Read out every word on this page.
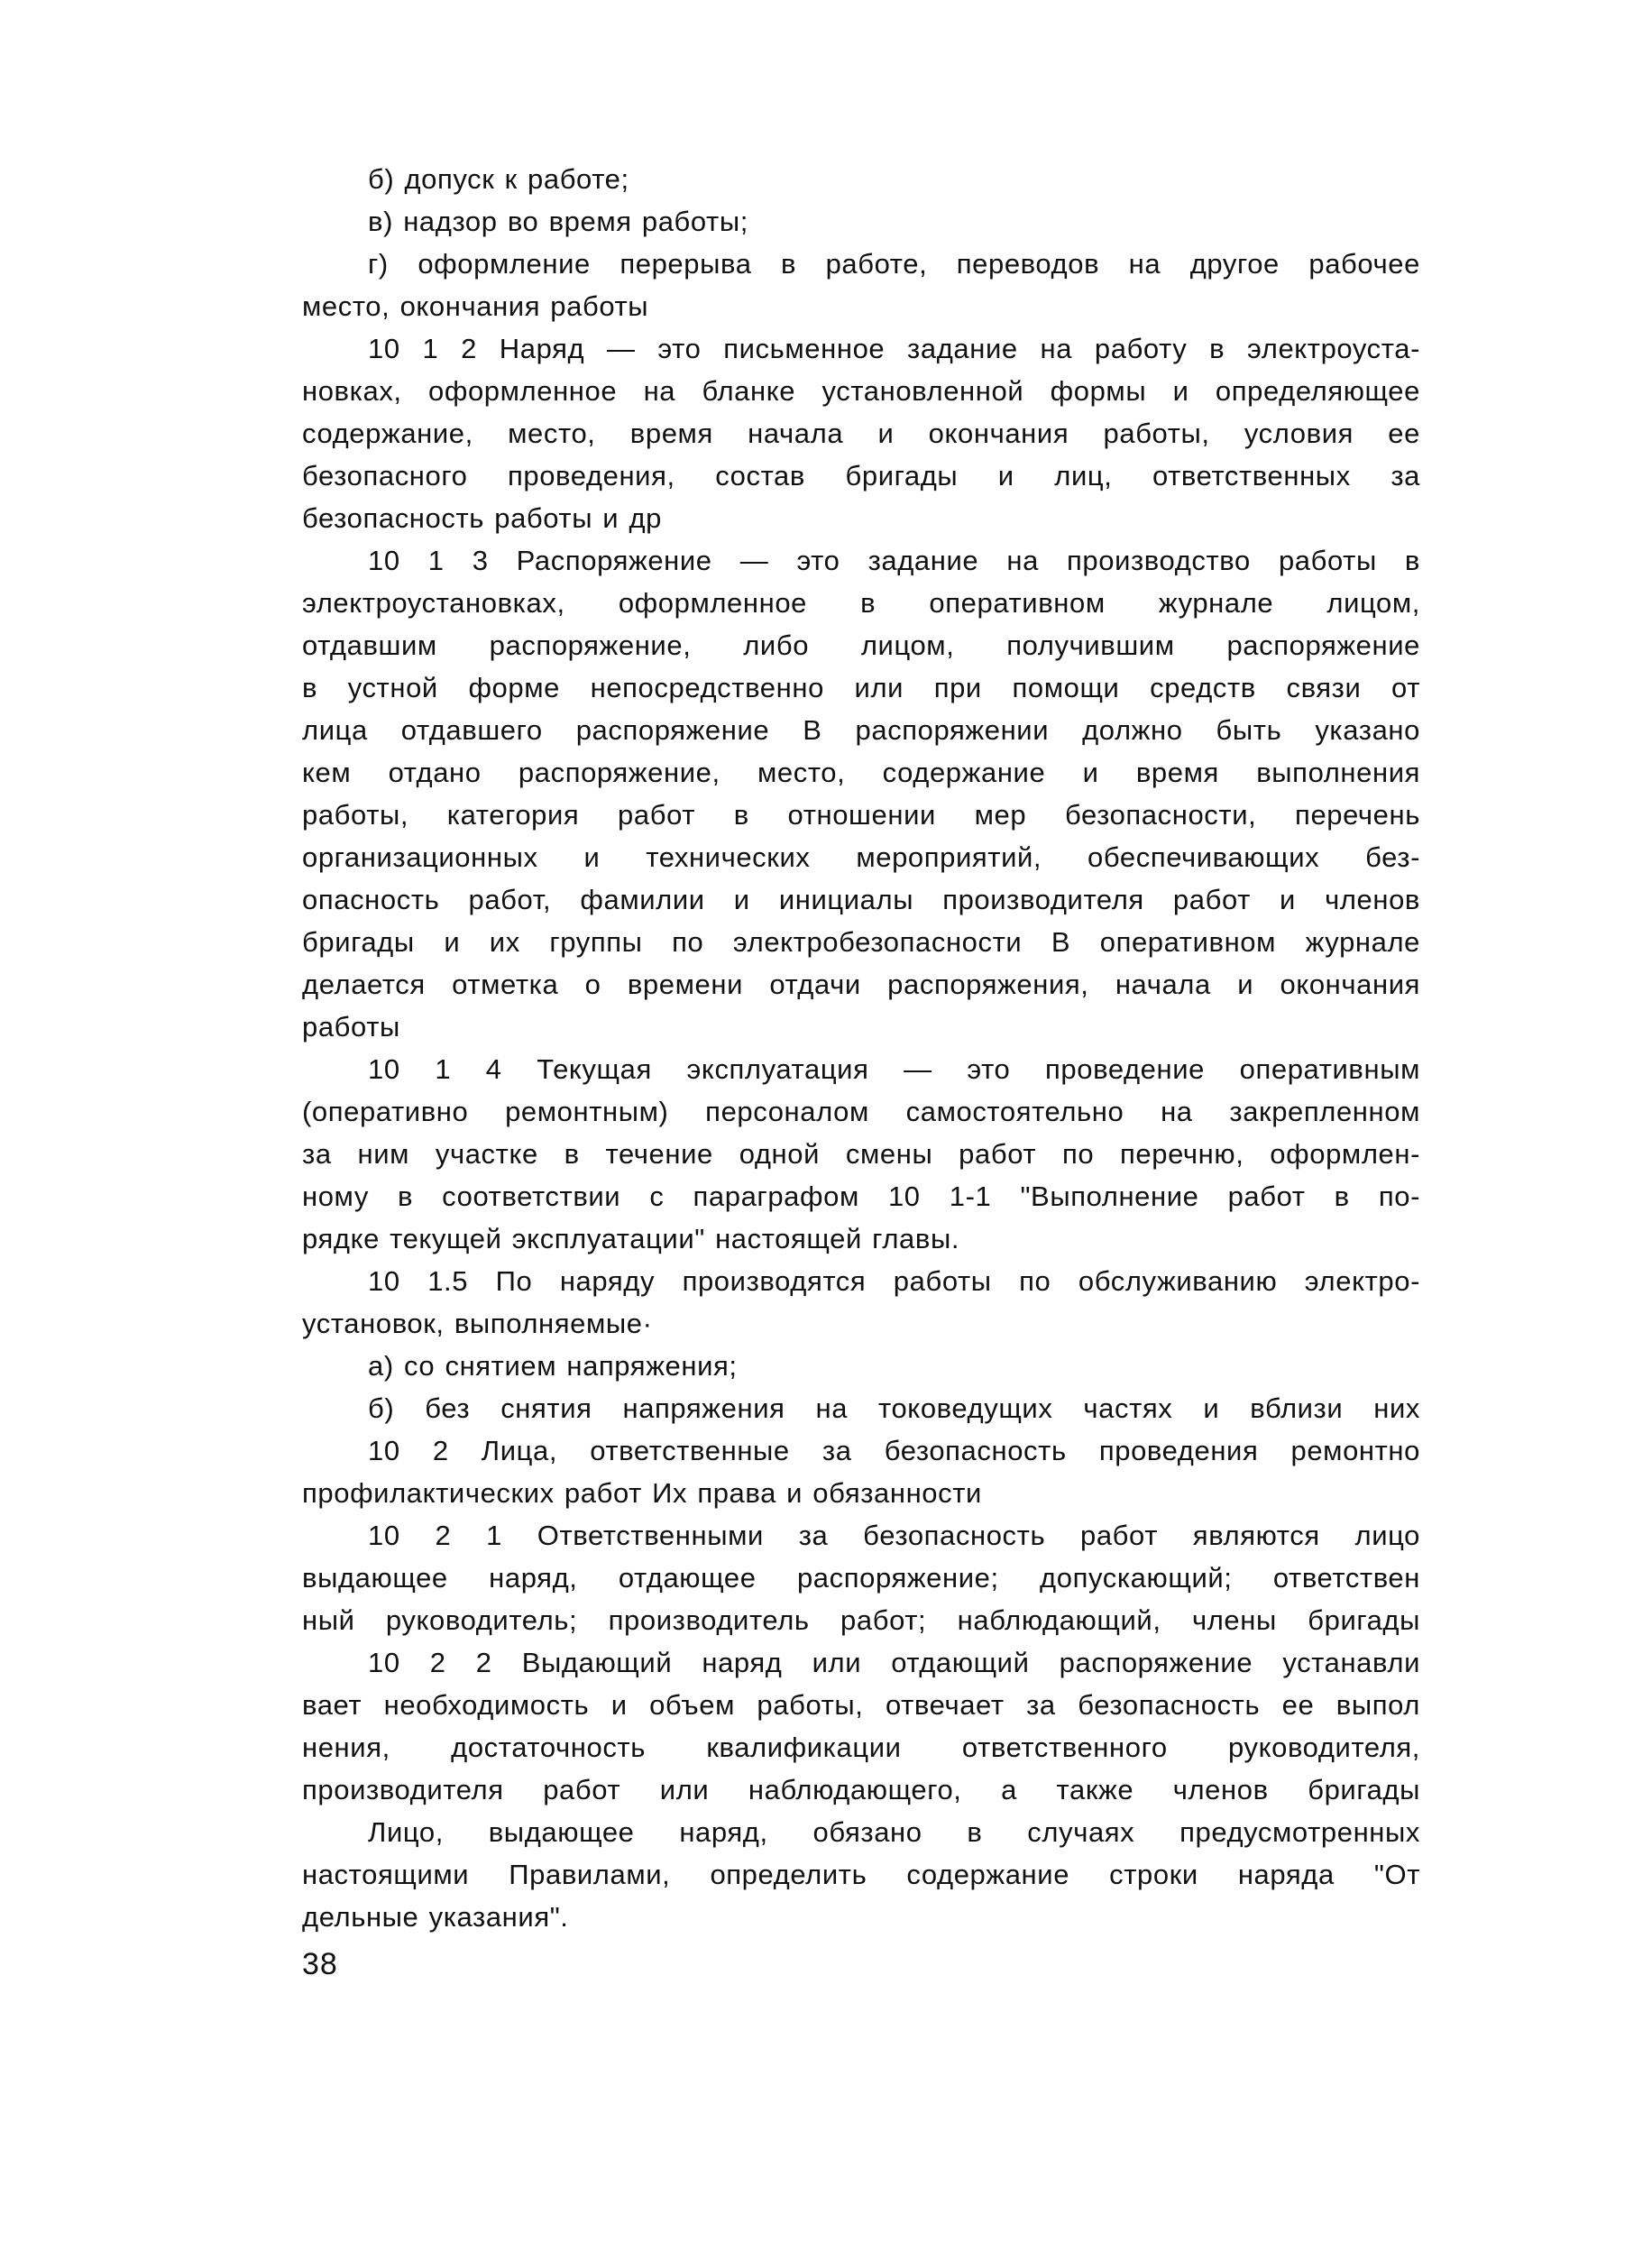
б) допуск к работе;
в) надзор во время работы;
г) оформление перерыва в работе, переводов на другое рабочее
место, окончания работы
10 1 2 Наряд — это письменное задание на работу в электроуста-
новках, оформленное на бланке установленной формы и определяющее
содержание, место, время начала и окончания работы, условия ее
безопасного проведения, состав бригады и лиц, ответственных за
безопасность работы и др
10 1 3 Распоряжение — это задание на производство работы в
электроустановках, оформленное в оперативном журнале лицом,
отдавшим распоряжение, либо лицом, получившим распоряжение
в устной форме непосредственно или при помощи средств связи от
лица отдавшего распоряжение В распоряжении должно быть указано
кем отдано распоряжение, место, содержание и время выполнения
работы, категория работ в отношении мер безопасности, перечень
организационных и технических мероприятий, обеспечивающих без-
опасность работ, фамилии и инициалы производителя работ и членов
бригады и их группы по электробезопасности В оперативном журнале
делается отметка о времени отдачи распоряжения, начала и окончания
работы
10 1 4 Текущая эксплуатация — это проведение оперативным
(оперативно ремонтным) персоналом самостоятельно на закрепленном
за ним участке в течение одной смены работ по перечню, оформлен-
ному в соответствии с параграфом 10 1-1 "Выполнение работ в по-
рядке текущей эксплуатации" настоящей главы.
10 1.5 По наряду производятся работы по обслуживанию электро-
установок, выполняемые·
а) со снятием напряжения;
б) без снятия напряжения на токоведущих частях и вблизи них
10 2 Лица, ответственные за безопасность проведения ремонтно
профилактических работ Их права и обязанности
10 2 1 Ответственными за безопасность работ являются лицо
выдающее наряд, отдающее распоряжение; допускающий; ответствен
ный руководитель; производитель работ; наблюдающий, члены бригады
10 2 2 Выдающий наряд или отдающий распоряжение устанавли
вает необходимость и объем работы, отвечает за безопасность ее выпол
нения, достаточность квалификации ответственного руководителя,
производителя работ или наблюдающего, а также членов бригады
Лицо, выдающее наряд, обязано в случаях предусмотренных
настоящими Правилами, определить содержание строки наряда "От
дельные указания".
38
